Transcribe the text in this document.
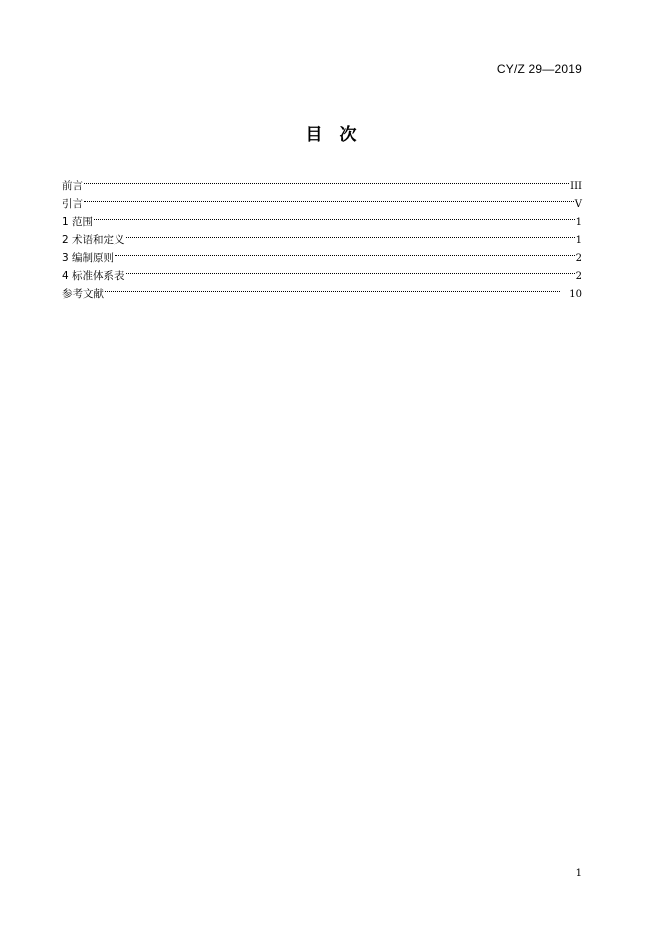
CY/Z 29—2019
目　次
前言	III
引言	V
1 范围	1
2 术语和定义	1
3 编制原则	2
4 标准体系表	2
参考文献	10
1
